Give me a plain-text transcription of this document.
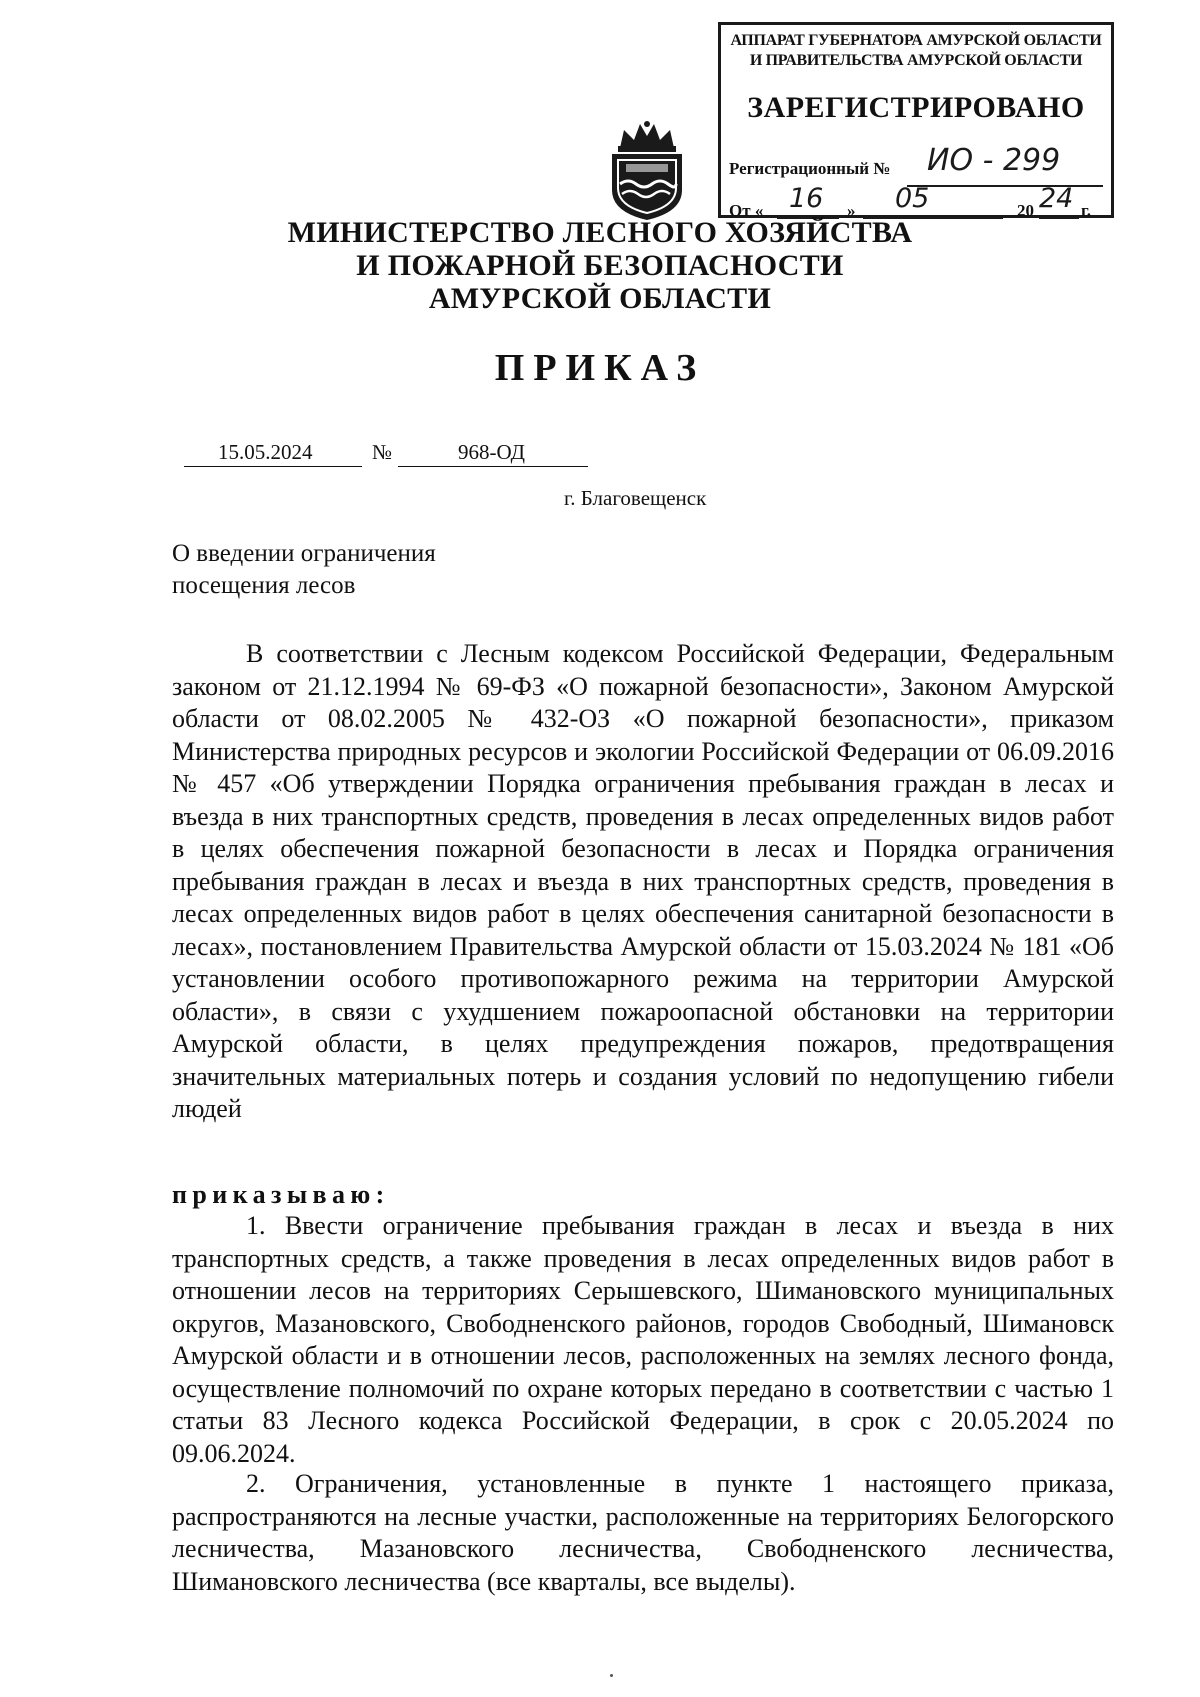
АППАРАТ ГУБЕРНАТОРА АМУРСКОЙ ОБЛАСТИ
И ПРАВИТЕЛЬСТВА АМУРСКОЙ ОБЛАСТИ
ЗАРЕГИСТРИРОВАНО
Регистрационный № ИО - 299
От « 16 » 05	20 24 г.
МИНИСТЕРСТВО ЛЕСНОГО ХОЗЯЙСТВА
И ПОЖАРНОЙ БЕЗОПАСНОСТИ
АМУРСКОЙ ОБЛАСТИ
ПРИКАЗ
15.05.2024	№	968-ОД
г. Благовещенск
О введении ограничения
посещения лесов
В соответствии с Лесным кодексом Российской Федерации, Федеральным законом от 21.12.1994 № 69-ФЗ «О пожарной безопасности», Законом Амурской области от 08.02.2005 № 432-ОЗ «О пожарной безопасности», приказом Министерства природных ресурсов и экологии Российской Федерации от 06.09.2016 № 457 «Об утверждении Порядка ограничения пребывания граждан в лесах и въезда в них транспортных средств, проведения в лесах определенных видов работ в целях обеспечения пожарной безопасности в лесах и Порядка ограничения пребывания граждан в лесах и въезда в них транспортных средств, проведения в лесах определенных видов работ в целях обеспечения санитарной безопасности в лесах», постановлением Правительства Амурской области от 15.03.2024 № 181 «Об установлении особого противопожарного режима на территории Амурской области», в связи с ухудшением пожароопасной обстановки на территории Амурской области, в целях предупреждения пожаров, предотвращения значительных материальных потерь и создания условий по недопущению гибели людей
приказываю:
1. Ввести ограничение пребывания граждан в лесах и въезда в них транспортных средств, а также проведения в лесах определенных видов работ в отношении лесов на территориях Серышевского, Шимановского муниципальных округов, Мазановского, Свободненского районов, городов Свободный, Шимановск Амурской области и в отношении лесов, расположенных на землях лесного фонда, осуществление полномочий по охране которых передано в соответствии с частью 1 статьи 83 Лесного кодекса Российской Федерации, в срок с 20.05.2024 по 09.06.2024.
2. Ограничения, установленные в пункте 1 настоящего приказа, распространяются на лесные участки, расположенные на территориях Белогорского лесничества, Мазановского лесничества, Свободненского лесничества, Шимановского лесничества (все кварталы, все выделы).
